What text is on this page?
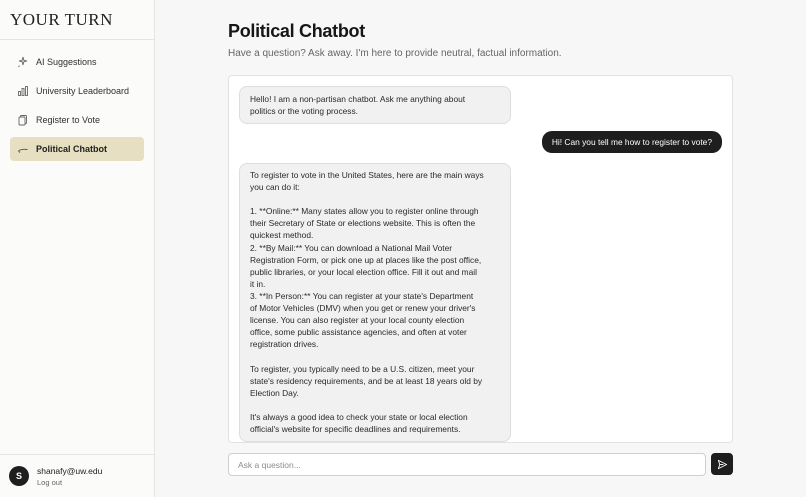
YOUR TURN
AI Suggestions
University Leaderboard
Register to Vote
Political Chatbot
S
shanafy@uw.edu
Log out
Political Chatbot

Have a question? Ask away. I'm here to provide neutral, factual information.

Hello! I am a non-partisan chatbot. Ask me anything about
politics or the voting process.
Hi! Can you tell me how to register to vote?
To register to vote in the United States, here are the main ways
you can do it:

1. **Online:** Many states allow you to register online through
their Secretary of State or elections website. This is often the
quickest method.
2. **By Mail:** You can download a National Mail Voter
Registration Form, or pick one up at places like the post office,
public libraries, or your local election office. Fill it out and mail
it in.
3. **In Person:** You can register at your state's Department
of Motor Vehicles (DMV) when you get or renew your driver's
license. You can also register at your local county election
office, some public assistance agencies, and often at voter
registration drives.

To register, you typically need to be a U.S. citizen, meet your
state's residency requirements, and be at least 18 years old by
Election Day.

It's always a good idea to check your state or local election
official's website for specific deadlines and requirements.
Ask a question...
